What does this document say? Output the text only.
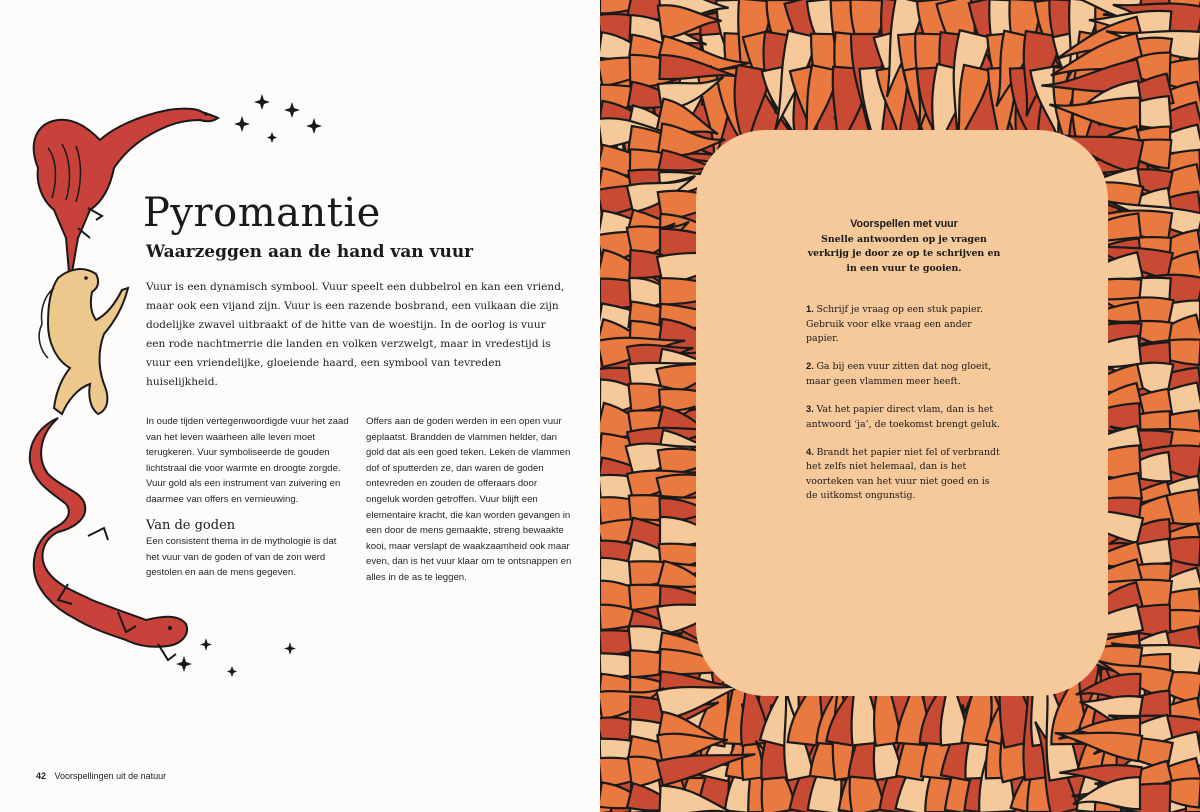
Pyromantie
Waarzeggen aan de hand van vuur

Vuur is een dynamisch symbool. Vuur speelt een dubbelrol en kan een vriend, maar ook een vijand zijn. Vuur is een razende bosbrand, een vulkaan die zijn dodelijke zwavel uitbraakt of de hitte van de woestijn. In de oorlog is vuur een rode nachtmerrie die landen en volken verzwelgt, maar in vredestijd is vuur een vriendelijke, gloeiende haard, een symbool van tevreden huiselijkheid.

In oude tijden vertegenwoordigde vuur het zaad van het leven waarheen alle leven moet terugkeren. Vuur symboliseerde de gouden lichtstraal die voor warmte en droogte zorgde. Vuur gold als een instrument van zuivering en daarmee van offers en vernieuwing.

Van de goden

Een consistent thema in de mythologie is dat het vuur van de goden of van de zon werd gestolen en aan de mens gegeven.

Offers aan de goden werden in een open vuur geplaatst. Brandden de vlammen helder, dan gold dat als een goed teken. Leken de vlammen dof of sputterden ze, dan waren de goden ontevreden en zouden de offeraars door ongeluk worden getroffen. Vuur blijft een elementaire kracht, die kan worden gevangen in een door de mens gemaakte, streng bewaakte kooi, maar verslapt de waakzaamheid ook maar even, dan is het vuur klaar om te ontsnappen en alles in de as te leggen.

42 Voorspellingen uit de natuur

Voorspellen met vuur

Snelle antwoorden op je vragen verkrijg je door ze op te schrijven en in een vuur te gooien.

1. Schrijf je vraag op een stuk papier. Gebruik voor elke vraag een ander papier.
2. Ga bij een vuur zitten dat nog gloeit, maar geen vlammen meer heeft.
3. Vat het papier direct vlam, dan is het antwoord ‘ja’, de toekomst brengt geluk.
4. Brandt het papier niet fel of verbrandt het zelfs niet helemaal, dan is het voorteken van het vuur niet goed en is de uitkomst ongunstig.
